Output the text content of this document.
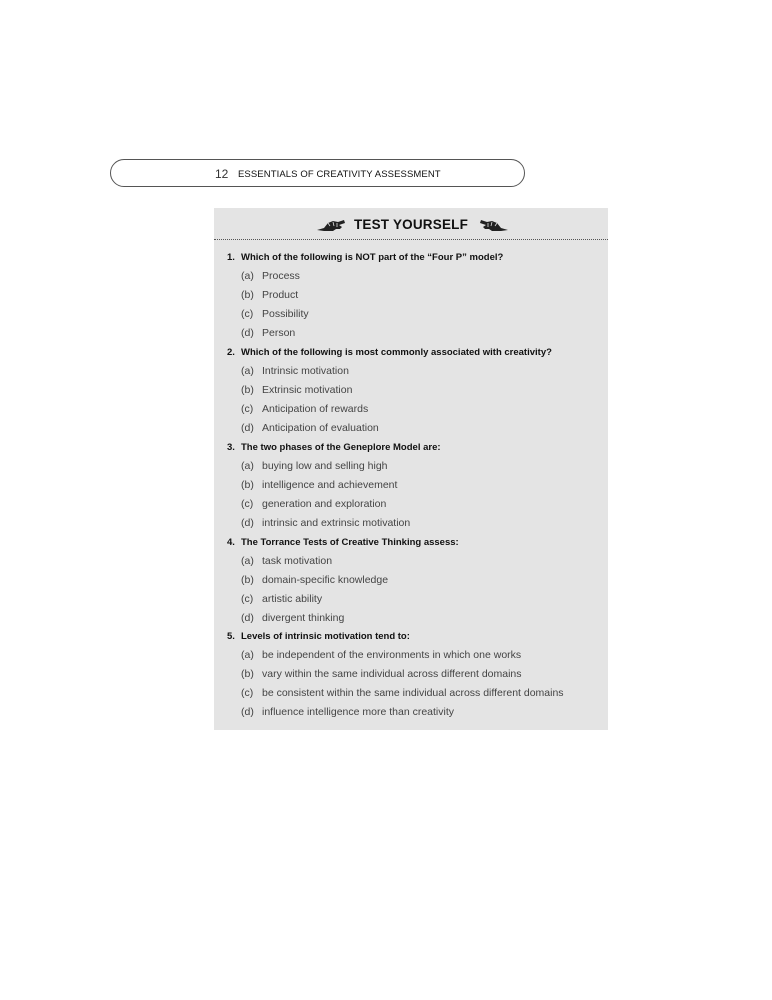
12 ESSENTIALS OF CREATIVITY ASSESSMENT
TEST YOURSELF
1. Which of the following is NOT part of the “Four P” model?
(a) Process
(b) Product
(c) Possibility
(d) Person
2. Which of the following is most commonly associated with creativity?
(a) Intrinsic motivation
(b) Extrinsic motivation
(c) Anticipation of rewards
(d) Anticipation of evaluation
3. The two phases of the Geneplore Model are:
(a) buying low and selling high
(b) intelligence and achievement
(c) generation and exploration
(d) intrinsic and extrinsic motivation
4. The Torrance Tests of Creative Thinking assess:
(a) task motivation
(b) domain-specific knowledge
(c) artistic ability
(d) divergent thinking
5. Levels of intrinsic motivation tend to:
(a) be independent of the environments in which one works
(b) vary within the same individual across different domains
(c) be consistent within the same individual across different domains
(d) influence intelligence more than creativity
